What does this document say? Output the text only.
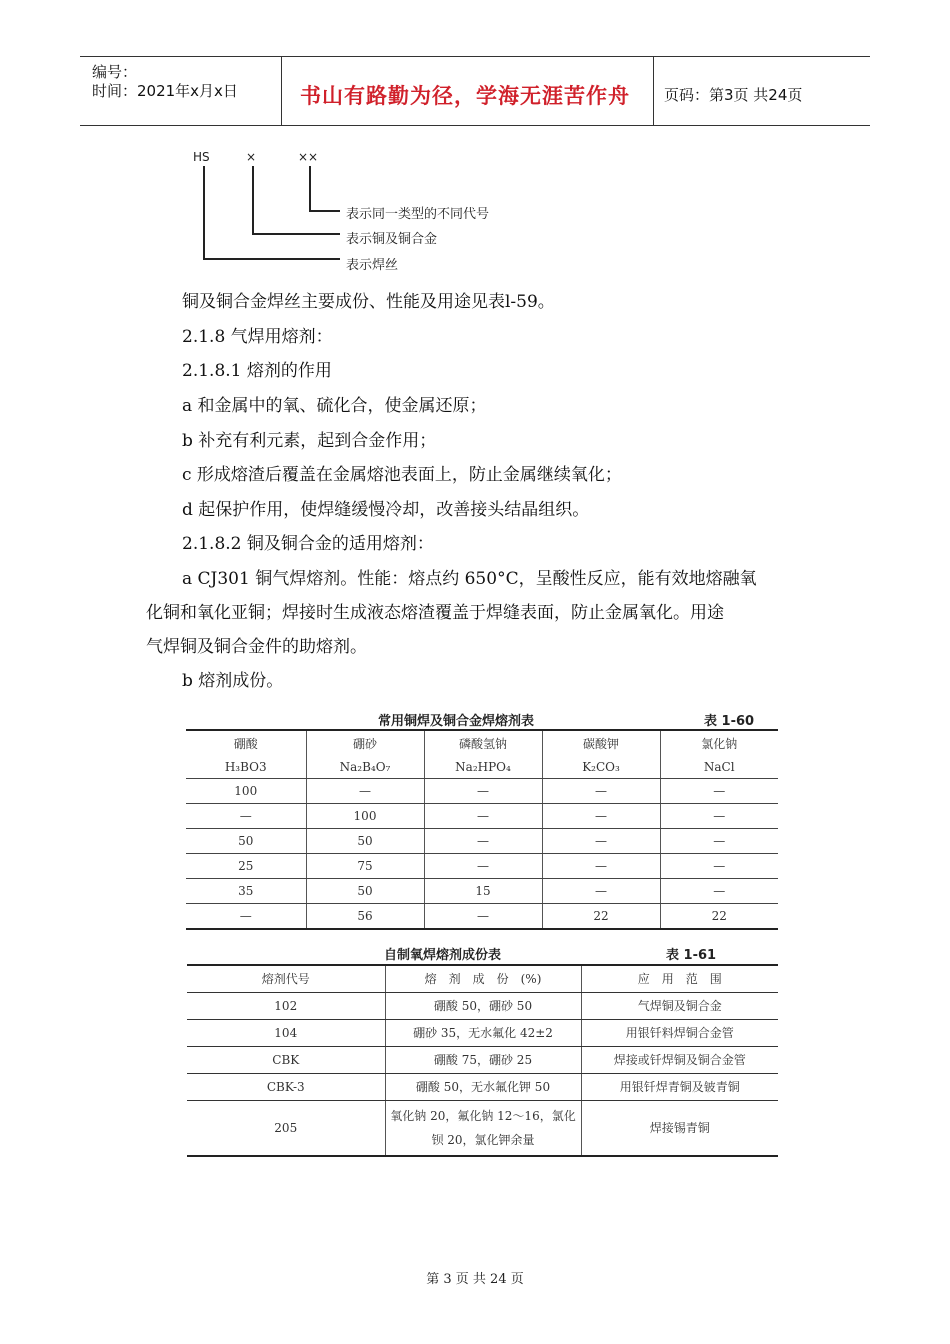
编号：
时间：2021年x月x日	书山有路勤为径，学海无涯苦作舟 页码：第3页 共24页
HS	×	××
表示同一类型的不同代号
表示铜及铜合金
表示焊丝
铜及铜合金焊丝主要成份、性能及用途见表l-59。
2.1.8 气焊用熔剂：
2.1.8.1 熔剂的作用
a 和金属中的氧、硫化合，使金属还原；
b 补充有利元素，起到合金作用；
c 形成熔渣后覆盖在金属熔池表面上，防止金属继续氧化；
d 起保护作用，使焊缝缓慢冷却，改善接头结晶组织。
2.1.8.2 铜及铜合金的适用熔剂：
a CJ301 铜气焊熔剂。性能：熔点约 650°C，呈酸性反应，能有效地熔融氧
化铜和氧化亚铜；焊接时生成液态熔渣覆盖于焊缝表面，防止金属氧化。用途
气焊铜及铜合金件的助熔剂。
b 熔剂成份。
常用铜焊及铜合金焊熔剂表	表 1-60
硼酸	硼砂	磷酸氢钠	碳酸钾	氯化钠
H₃BO3	Na₂B₄O₇	Na₂HPO₄	K₂CO₃	NaCl
100	—	—	—	—
—	100	—	—	—
50	50	—	—	—
25	75	—	—	—
35	50	15	—	—
—	56	—	22	22
自制氧焊熔剂成份表	表 1-61
熔剂代号	熔　剂　成　份　(%)	应　用　范　围
102	硼酸 50，硼砂 50	气焊铜及铜合金
104	硼砂 35，无水氟化 42±2	用银钎料焊铜合金管
CBK	硼酸 75，硼砂 25	焊接或钎焊铜及铜合金管
CBK-3	硼酸 50，无水氟化钾 50	用银钎焊青铜及铍青铜
205	氧化钠 20，氟化钠 12～16，氯化钡 20，氯化钾余量	焊接锡青铜
第 3 页 共 24 页
